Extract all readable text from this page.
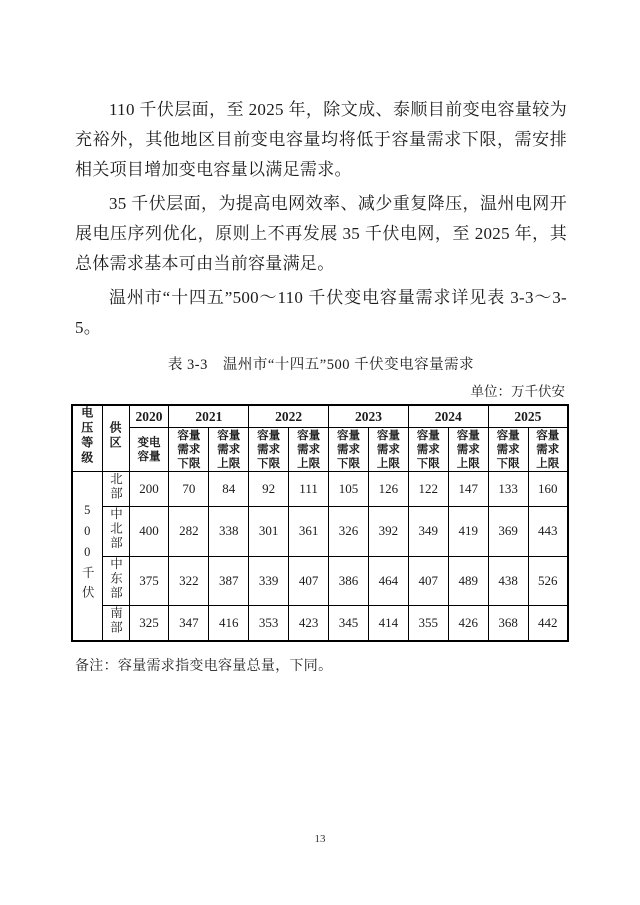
110 千伏层面，至 2025 年，除文成、泰顺目前变电容量较为充裕外，其他地区目前变电容量均将低于容量需求下限，需安排相关项目增加变电容量以满足需求。

35 千伏层面，为提高电网效率、减少重复降压，温州电网开展电压序列优化，原则上不再发展 35 千伏电网，至 2025 年，其总体需求基本可由当前容量满足。

温州市“十四五”500～110 千伏变电容量需求详见表 3-3～3-5。

表 3-3　温州市“十四五”500 千伏变电容量需求
单位：万千伏安
电压等级	供区	2020	2021		2022		2023		2024		2025	
		变电容量	容量需求下限	容量需求上限	容量需求下限	容量需求上限	容量需求下限	容量需求上限	容量需求下限	容量需求上限	容量需求下限	容量需求上限
500千伏	北部	200	70	84	92	111	105	126	122	147	133	160
	中北部	400	282	338	301	361	326	392	349	419	369	443
	中东部	375	322	387	339	407	386	464	407	489	438	526
	南部	325	347	416	353	423	345	414	355	426	368	442
备注：容量需求指变电容量总量，下同。
13
